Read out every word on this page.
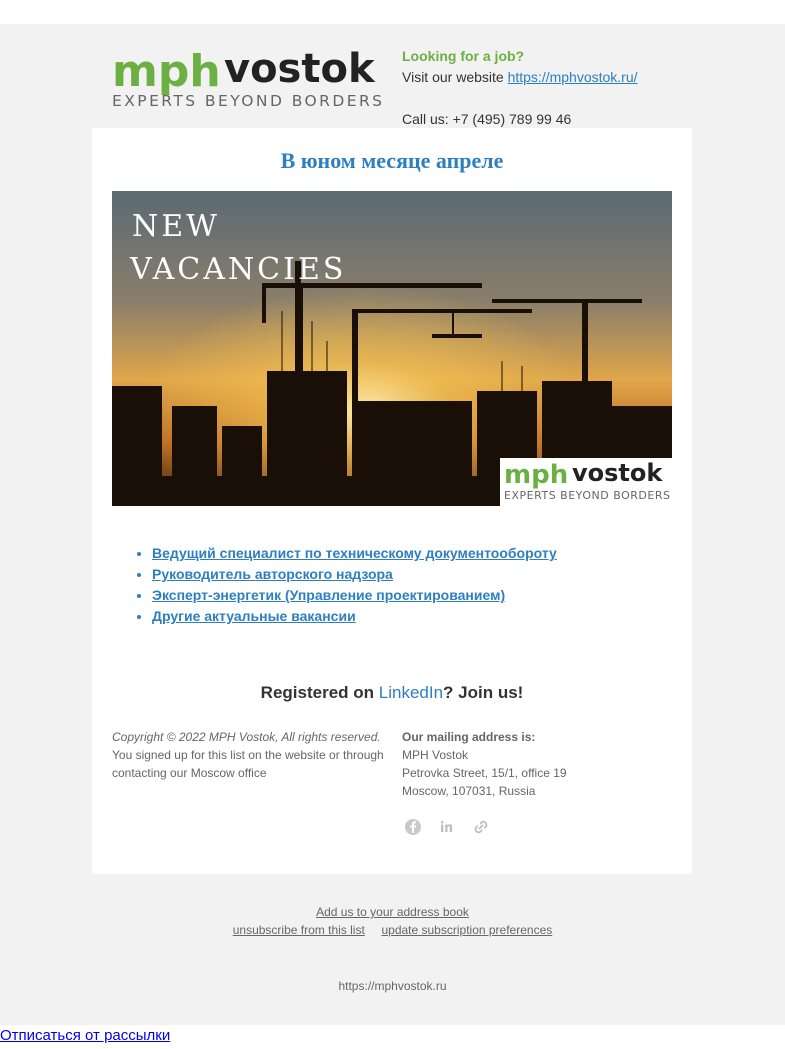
mph vostok
EXPERTS BEYOND BORDERS
Looking for a job?
Visit our website https://mphvostok.ru/
Call us: +7 (495) 789 99 46
В юном месяце апреле
NEW
VACANCIES
mph vostok
EXPERTS BEYOND BORDERS
• Ведущий специалист по техническому документообороту
• Руководитель авторского надзора
• Эксперт-энергетик (Управление проектированием)
• Другие актуальные вакансии
Registered on LinkedIn? Join us!
Copyright © 2022 MPH Vostok, All rights reserved.
You signed up for this list on the website or through contacting our Moscow office
Our mailing address is:
MPH Vostok
Petrovka Street, 15/1, office 19
Moscow, 107031, Russia
Add us to your address book
unsubscribe from this list update subscription preferences
https://mphvostok.ru
Отписаться от рассылки
